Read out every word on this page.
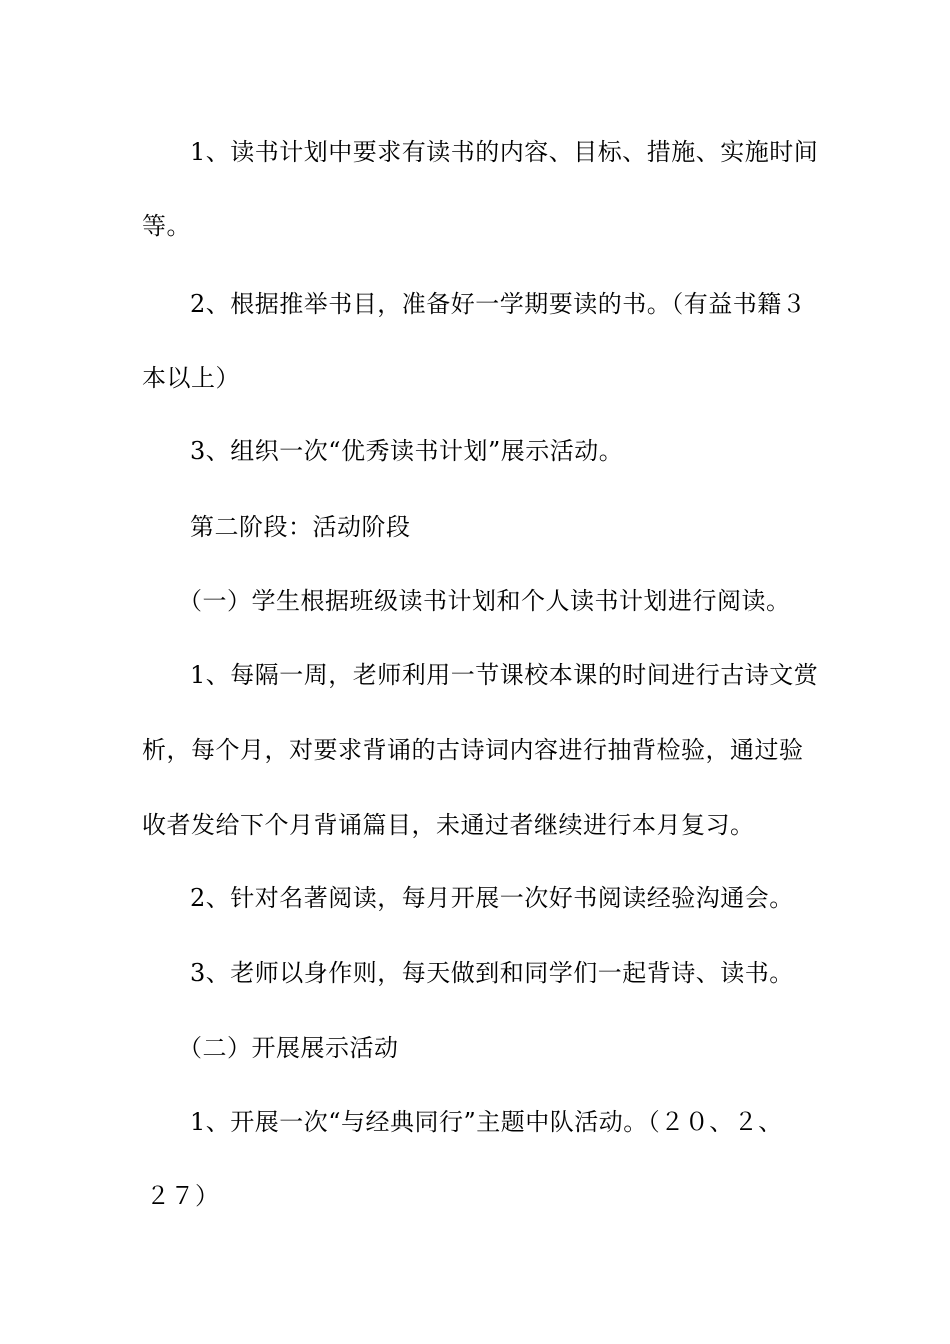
1、读书计划中要求有读书的内容、目标、措施、实施时间
等。
2、根据推举书目，准备好一学期要读的书。（有益书籍３
本以上）
3、组织一次“优秀读书计划”展示活动。
第二阶段：活动阶段
（一）学生根据班级读书计划和个人读书计划进行阅读。
1、每隔一周，老师利用一节课校本课的时间进行古诗文赏
析，每个月，对要求背诵的古诗词内容进行抽背检验，通过验
收者发给下个月背诵篇目，未通过者继续进行本月复习。
2、针对名著阅读，每月开展一次好书阅读经验沟通会。
3、老师以身作则，每天做到和同学们一起背诗、读书。
（二）开展展示活动
1、开展一次“与经典同行”主题中队活动。（２０、２、
２７）
